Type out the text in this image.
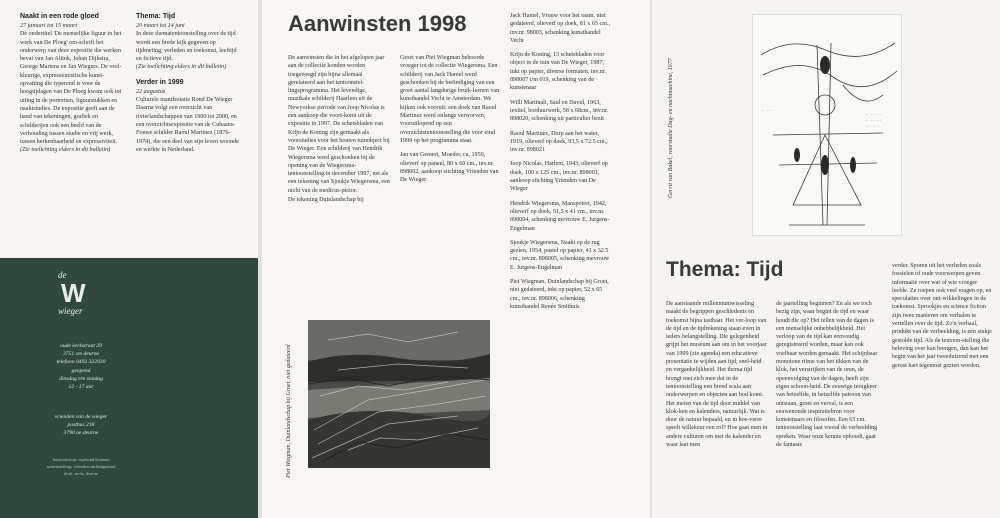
Naakt in een rode gloed

27 januari tot 15 maart

De ondertitel 'De menselijke figuur in het werk van De Ploeg' om-schrift het onderwerp van deze expositie die werken bevat van Jan Altink, Johan Dijkstra, George Martens en Jan Wiegers. De veel-kleurige, expressionistische kunst-opvatting die typerend is voor de hoogtijdagen van De Ploeg kwam ook tot uiting in de portretten, figuurstukken en naaktstudies. De expositie geeft aan de hand van tekeningen, grafiek en schilderijen ook een beeld van de verhouding tussen studie en vrij werk, tussen herkenbaarheid en expressiviteit.

(Zie toelichting elders in dit bulletin)

Thema: Tijd

20 maart tot 14 juni

In deze thematentoonstelling over de tijd wordt een brede kijk gegeven op tijdmeting, verleden en toekomst, leeftijd en fictieve tijd.

(Zie toelichting elders in dit bulletin)

Verder in 1999

22 augustus

Culturele manifestatie Rond De Wieger Daarna volgt een overzicht van rivierlandschappen van 1900 tot 2000, en een overzichtsexpositie van de Cubaans-Franse schilder Raoul Martinez (1876-1974), die een deel van zijn leven woonde en werkte in Nederland.

de
W
wieger
oude kerkstraat 29
3751 xm deurne
telefoon 0493 322930
geopend
dinsdag t/m zondag
12 - 17 uur
vrienden van de wieger
postbus 218
3790 ae deurne
basisontwerp: raymond bouman
samenstelling: vrienden stichtingsraad
druk: smits, deurne
Aanwinsten 1998

De aanwinsten die in het afgelopen jaar aan de collectie konden worden toegevoegd zijn bijna allemaal gerelateerd aan het tentoonstel-lingsprogramma. Het levendige, muzikale schilderij Haarlem uit de Newyorkse periode van Joop Nicolas is een aankoop die voort-komt uit de expositie in 1997. De schetsbladen van Krijn de Koning zijn gemaakt als voorstudies voor het houten tuinobject bij De Wieger. Een schilderij van Hendrik Wiegersma werd geschonken bij de opening van de Wiegersma-tentoonstelling in december 1997, net als een tekening van Sjoukje Wiegersma, een nicht van de medicus-pictor.

De tekening Duinlandschap bij

Groet van Piet Wiegman behoorde vroeger tot de collectie Wiegersma. Een schilderij van Jack Hamel werd geschonken bij de beëindiging van een groot aantal langdurige bruik-leenen van kunsthandel Vecht te Amsterdam. We kijken ook vooruit: een doek van Raoul Martinez werd onlangs verworven, vooruitlopend op een overzichtstentoonstelling die voor eind 1999 op het programma staat.

Jan van Gemert, Moeder, ca. 1950, olieverf op paneel, 80 x 60 cm., inv.nr. 898002, aankoop stichting Vrienden van De Wieger

Jack Hamel, Vrouw voor het raam, niet gedateerd, olieverf op doek, 81 x 65 cm., inv.nr. 98003, schenking kunsthandel Vecht

Krijn de Koning, 13 schetsbladen voor object in de tuin van De Wieger, 1987, inkt op papier, diverse formaten, inv.nr. 898007 t/m 019, schenking van de kunstenaar

Willi Martinali, Saul en David, 1963, textiel, borduurwerk, 58 x 68cm., inv.nr. 898020, schenking uit particulier bezit

Raoul Martinez, Dorp aan het water, 1919, olieverf op doek, 93,5 x 72.5 cm., inv.nr. 898021

Joop Nicolas, Harlem, 1943, olieverf op doek, 100 x 125 cm., inv.nr. 898001, aankoop stichting Vrienden van De Wieger

Hendrik Wiegersma, Manspotret, 1942, olieverf op doek, 51,5 x 41 cm., inv.nr. 898004, schenking mevrouw E. Jurgens-Engelman

Sjoukje Wiegersma, Naakt op de rug gezien, 1954, pastel op papier, 41 x 32.5 cm., inv.nr. 898005, schenking mevrouw E. Jurgens-Engelman

Piet Wiegman, Duinlandschap bij Groet, niet gedateerd, inkt op papier, 52 x 65 cm., inv.nr. 898006, schenking kunsthandel Renée Smithuis

Piet Wiegman, Duinlandschap bij Groet, niet gedateerd
Gerrit van Bakel, voorstudie Dag- en nachtmachine, 1977	·· ··· ··
·· ·· ···
··· ·· ·
·· ···
Thema: Tijd

De aanstaande millenniumwisseling maakt de begrippen geschiedenis en toekomst bijna tastbaar. Het ver-loop van de tijd en de tijdrekening staan even in ieders belangstelling. Die gelegenheid grijpt het museum aan om in het voorjaar van 1999 (zie agenda) een educatieve presentatie te wijden aan tijd, snel-heid en vergankelijkheid. Het thema tijd brengt met zich mee dat in de tentoonstelling een breed scala aan onderwerpen en objecten aan bod komt. Het meten van de tijd door middel van klok-ken en kalenders, natuurlijk. Wat is door de natuur bepaald, en in hoe-verre speelt willekeur een rol? Hoe gaat men in andere culturen om met de kalender en waar laat men

de jaartelling beginnen? En als we toch bezig zijn, waar begint de tijd en waar houdt die op? Het tellen van de dagen is een menselijke onhebbelijkheid. Het verloop van de tijd kan eenvoudig geregistreerd worden, maar kan ook voelbaar worden gemaakt. Het schijnbaar monotone ritme van het tikken van de klok, het verstrijken van de uren, de opeenvolging van de dagen, heeft zijn eigen schoon-heid. De eeuwige terugkeer van hetzelfde, in hetzelfde patroon van ontstaan, groei en verval, is een eeuwenoude inspiratiebron voor kunstenaars en filosofen. Een 65 cm. tentoonstelling laat vooral de verbeelding spreken. Waar onze kennis ophoudt, gaat de fantasie

verder. Sporen uit het verleden zoals fossielen of oude voorwerpen geven informatie over wat of wie vroeger leefde. Ze roepen ook veel vragen op, en speculaties over ont-wikkelingen in de toekomst. Sprookjes en science fiction zijn twee manieren om verhalen te vertellen over de tijd. Zo'n verhaal, produkt van de verbeelding, is een stukje gestolde tijd. Als de tentoon-stelling die beleving over kan brengen, dan kan het begin van het jaar tweeduizend met een gerust hart tegemoet gezien worden.
